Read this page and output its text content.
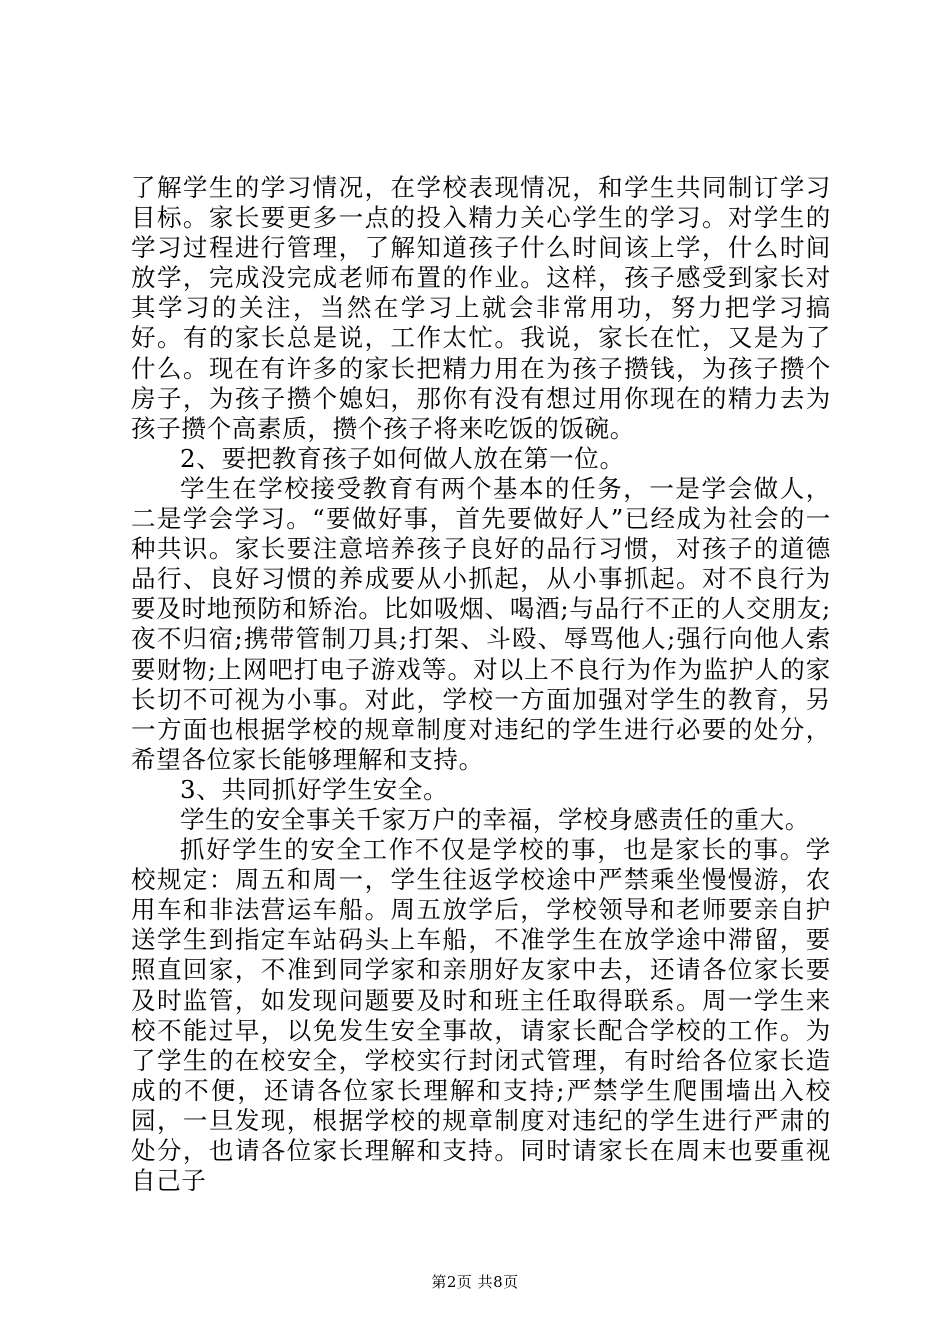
了解学生的学习情况，在学校表现情况，和学生共同制订学习目标。家长要更多一点的投入精力关心学生的学习。对学生的学习过程进行管理，了解知道孩子什么时间该上学，什么时间放学，完成没完成老师布置的作业。这样，孩子感受到家长对其学习的关注，当然在学习上就会非常用功，努力把学习搞好。有的家长总是说，工作太忙。我说，家长在忙，又是为了什么。现在有许多的家长把精力用在为孩子攒钱，为孩子攒个房子，为孩子攒个媳妇，那你有没有想过用你现在的精力去为孩子攒个高素质，攒个孩子将来吃饭的饭碗。

2、要把教育孩子如何做人放在第一位。

学生在学校接受教育有两个基本的任务，一是学会做人，二是学会学习。“要做好事，首先要做好人”已经成为社会的一种共识。家长要注意培养孩子良好的品行习惯，对孩子的道德品行、良好习惯的养成要从小抓起，从小事抓起。对不良行为要及时地预防和矫治。比如吸烟、喝酒;与品行不正的人交朋友;夜不归宿;携带管制刀具;打架、斗殴、辱骂他人;强行向他人索要财物;上网吧打电子游戏等。对以上不良行为作为监护人的家长切不可视为小事。对此，学校一方面加强对学生的教育，另一方面也根据学校的规章制度对违纪的学生进行必要的处分，希望各位家长能够理解和支持。

3、共同抓好学生安全。

学生的安全事关千家万户的幸福，学校身感责任的重大。

抓好学生的安全工作不仅是学校的事，也是家长的事。学校规定：周五和周一，学生往返学校途中严禁乘坐慢慢游，农用车和非法营运车船。周五放学后，学校领导和老师要亲自护送学生到指定车站码头上车船，不准学生在放学途中滞留，要照直回家，不准到同学家和亲朋好友家中去，还请各位家长要及时监管，如发现问题要及时和班主任取得联系。周一学生来校不能过早，以免发生安全事故，请家长配合学校的工作。为了学生的在校安全，学校实行封闭式管理，有时给各位家长造成的不便，还请各位家长理解和支持;严禁学生爬围墙出入校园，一旦发现，根据学校的规章制度对违纪的学生进行严肃的处分，也请各位家长理解和支持。同时请家长在周末也要重视自己子

第2页 共8页
